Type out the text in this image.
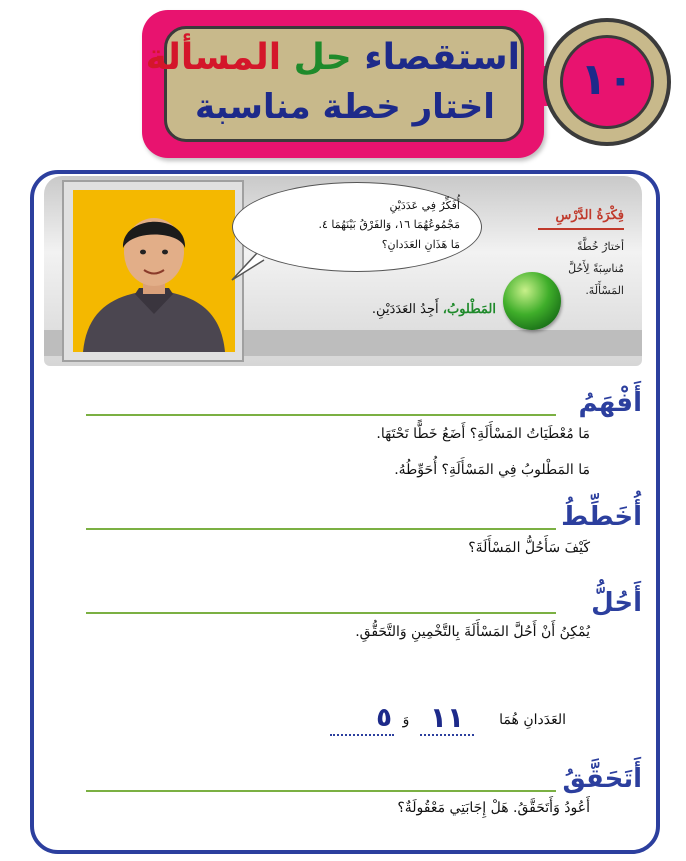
استقصاء حل المسألة
اختار خطة مناسبة
١٠
أُفَكِّرُ فِي عَدَدَيْنِ
مَجْمُوعُهُمَا ١٦، وَالفَرْقُ بَيْنَهُمَا ٤.
مَا هَذَانِ العَدَدانِ؟
المَطْلوبُ، أَجِدُ العَدَدَيْنِ.
فِكْرَةُ الدَّرْسِ
أختارُ خُطَّةً
مُناسِبَةً لِأَحُلَّ
المَسْأَلَةَ.
أَفْهَمُ
مَا مُعْطَيَاتُ المَسْأَلَةِ؟ أَضَعُ خَطًّا تَحْتَهَا.
مَا المَطْلوبُ فِي المَسْأَلَةِ؟ أُحَوِّطُهُ.
أُخَطِّطُ
كَيْفَ سَأَحُلُّ المَسْأَلَةَ؟
أَحُلُّ
يُمْكِنُ أَنْ أَحُلَّ المَسْأَلَةَ بِالتَّخْمِينِ وَالتَّحَقُّقِ.
العَدَدانِ هُمَا
١١
وَ
٥
أَتَحَقَّقُ
أَعُودُ وَأَتَحَقَّقُ. هَلْ إِجَابَتِي مَعْقُولَةٌ؟
